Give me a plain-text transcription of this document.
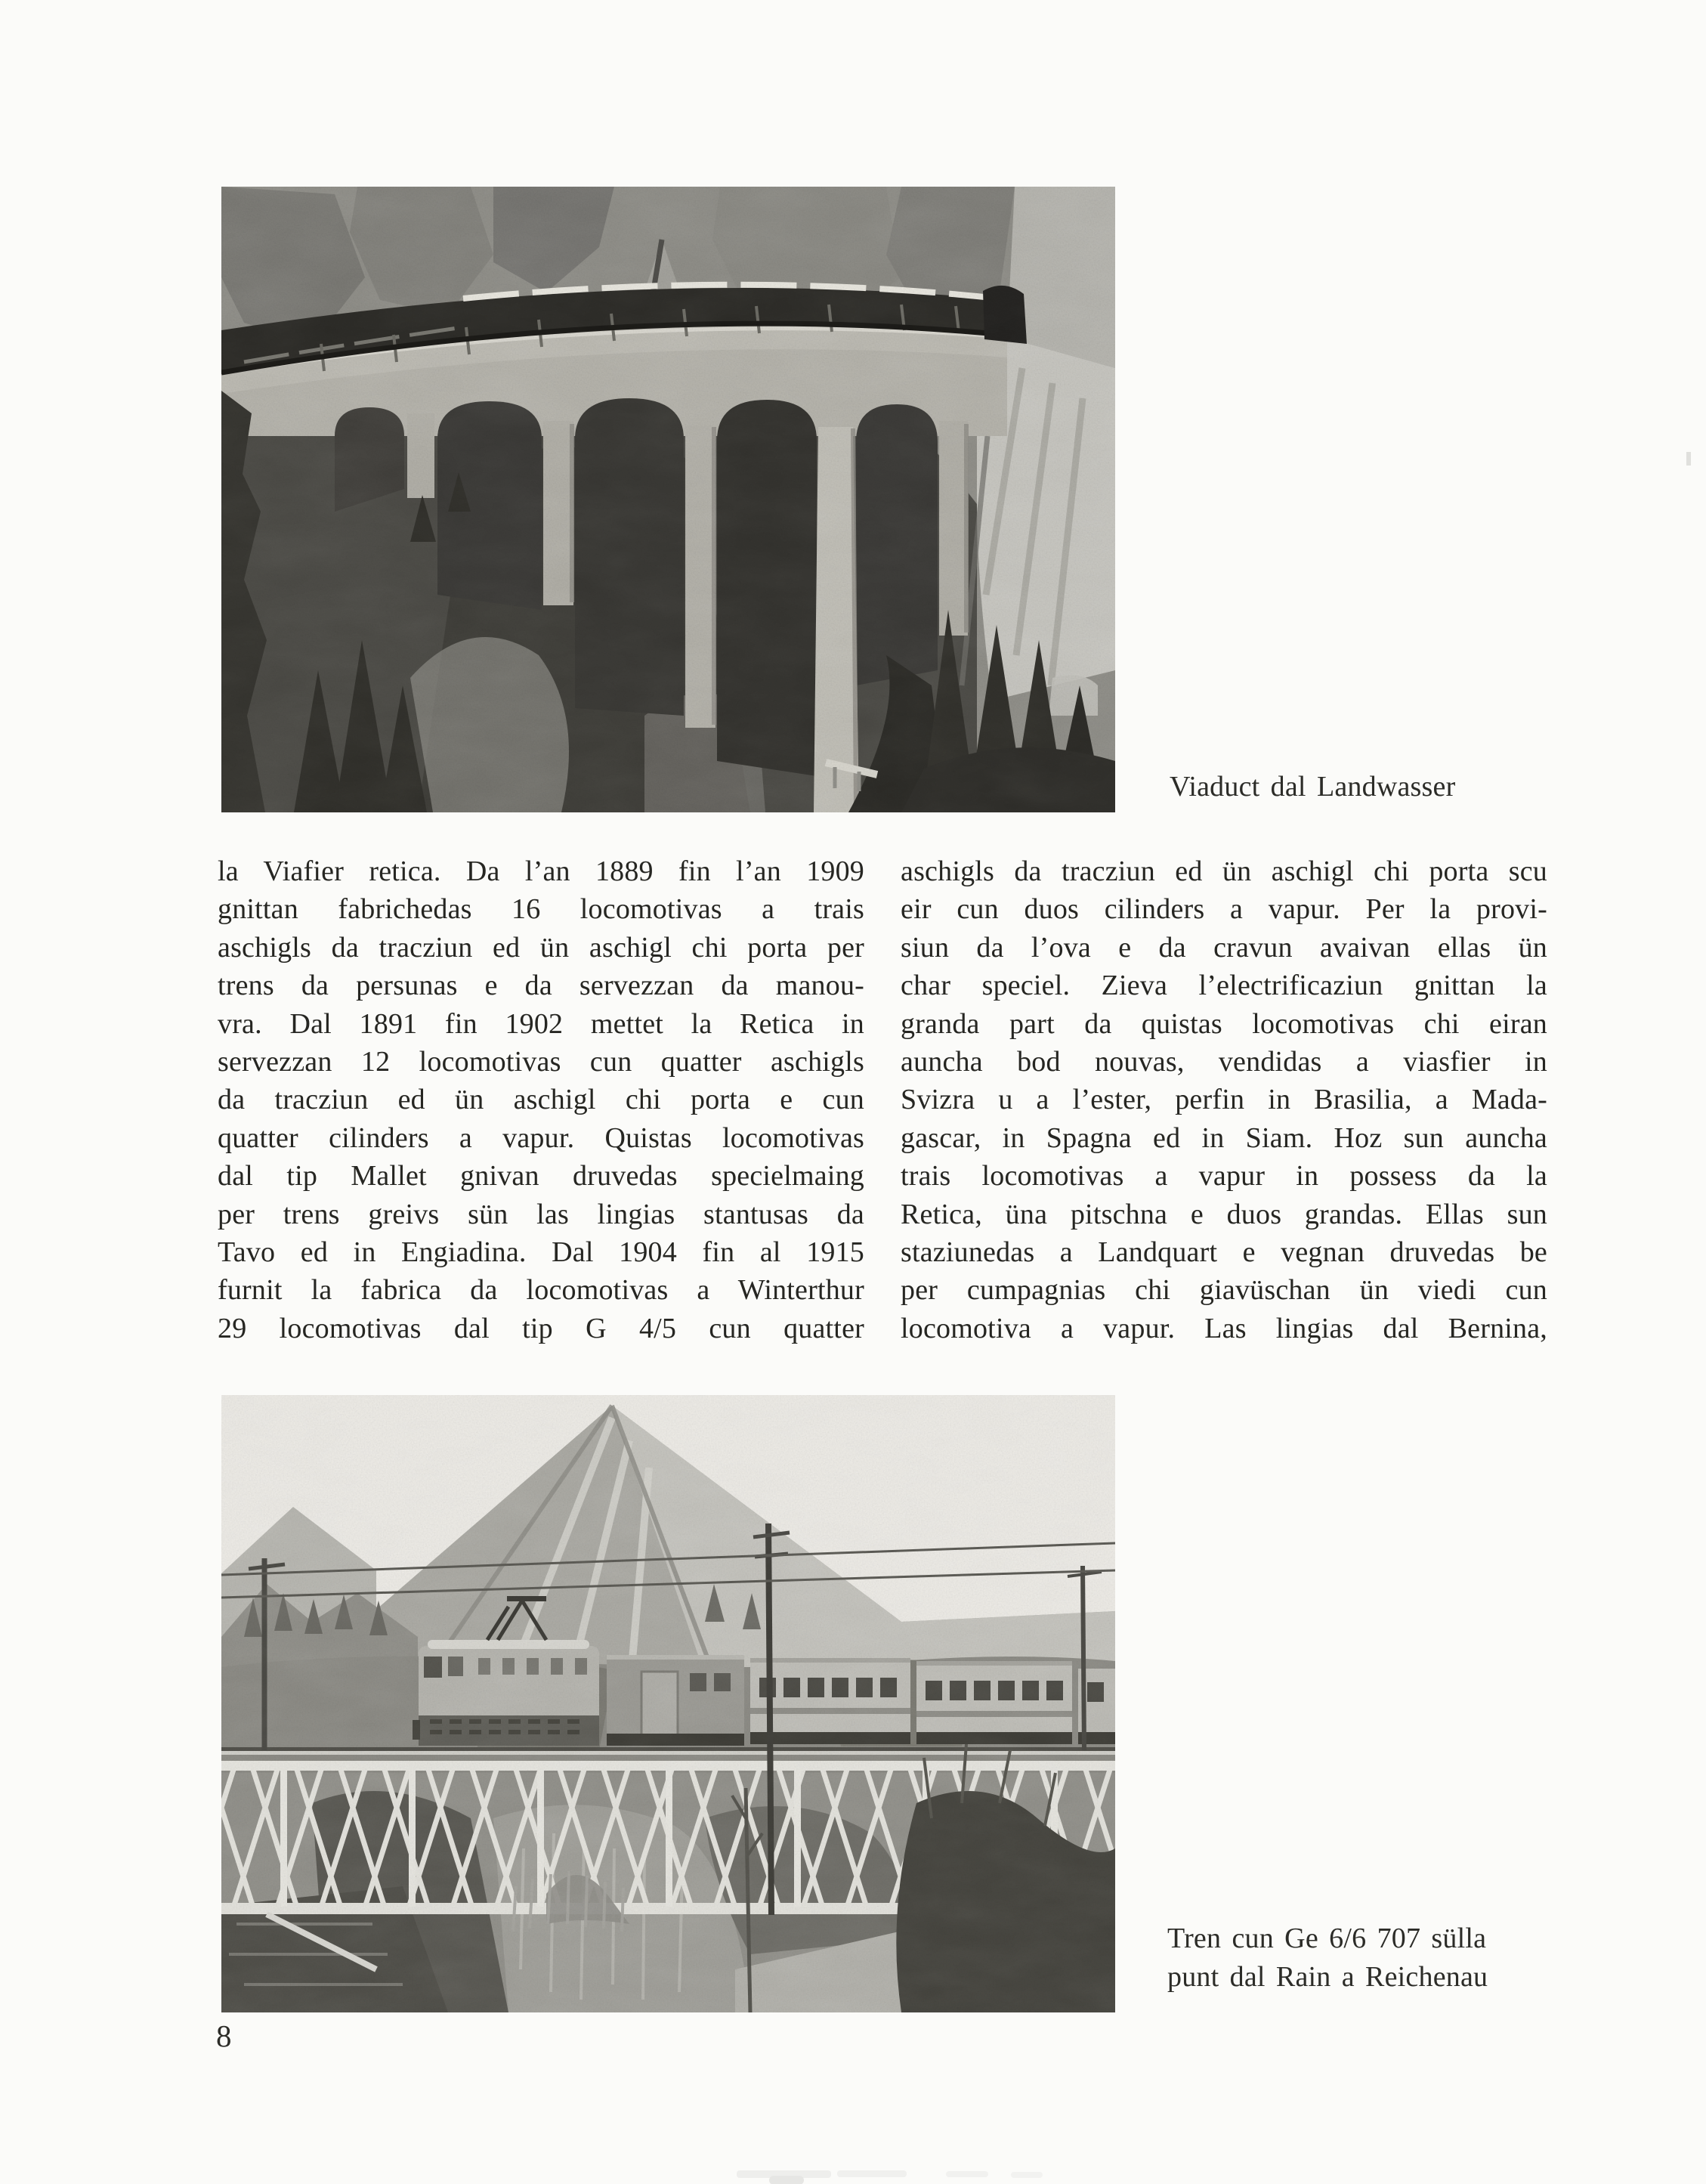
Viaduct dal Landwasser
la Viafier retica. Da l’an 1889 fin l’an 1909
gnittan fabrichedas 16 locomotivas a trais
aschigls da tracziun ed ün aschigl chi porta per
trens da persunas e da servezzan da manou-
vra. Dal 1891 fin 1902 mettet la Retica in
servezzan 12 locomotivas cun quatter aschigls
da tracziun ed ün aschigl chi porta e cun
quatter cilinders a vapur. Quistas locomotivas
dal tip Mallet gnivan druvedas specielmaing
per trens greivs sün las lingias stantusas da
Tavo ed in Engiadina. Dal 1904 fin al 1915
furnit la fabrica da locomotivas a Winterthur
29 locomotivas dal tip G 4/5 cun quatter
aschigls da tracziun ed ün aschigl chi porta scu
eir cun duos cilinders a vapur. Per la provi-
siun da l’ova e da cravun avaivan ellas ün
char speciel. Zieva l’electrificaziun gnittan la
granda part da quistas locomotivas chi eiran
auncha bod nouvas, vendidas a viasfier in
Svizra u a l’ester, perfin in Brasilia, a Mada-
gascar, in Spagna ed in Siam. Hoz sun auncha
trais locomotivas a vapur in possess da la
Retica, üna pitschna e duos grandas. Ellas sun
staziunedas a Landquart e vegnan druvedas be
per cumpagnias chi giavüschan ün viedi cun
locomotiva a vapur. Las lingias dal Bernina,
Tren cun Ge 6/6 707 sülla
punt dal Rain a Reichenau
8
